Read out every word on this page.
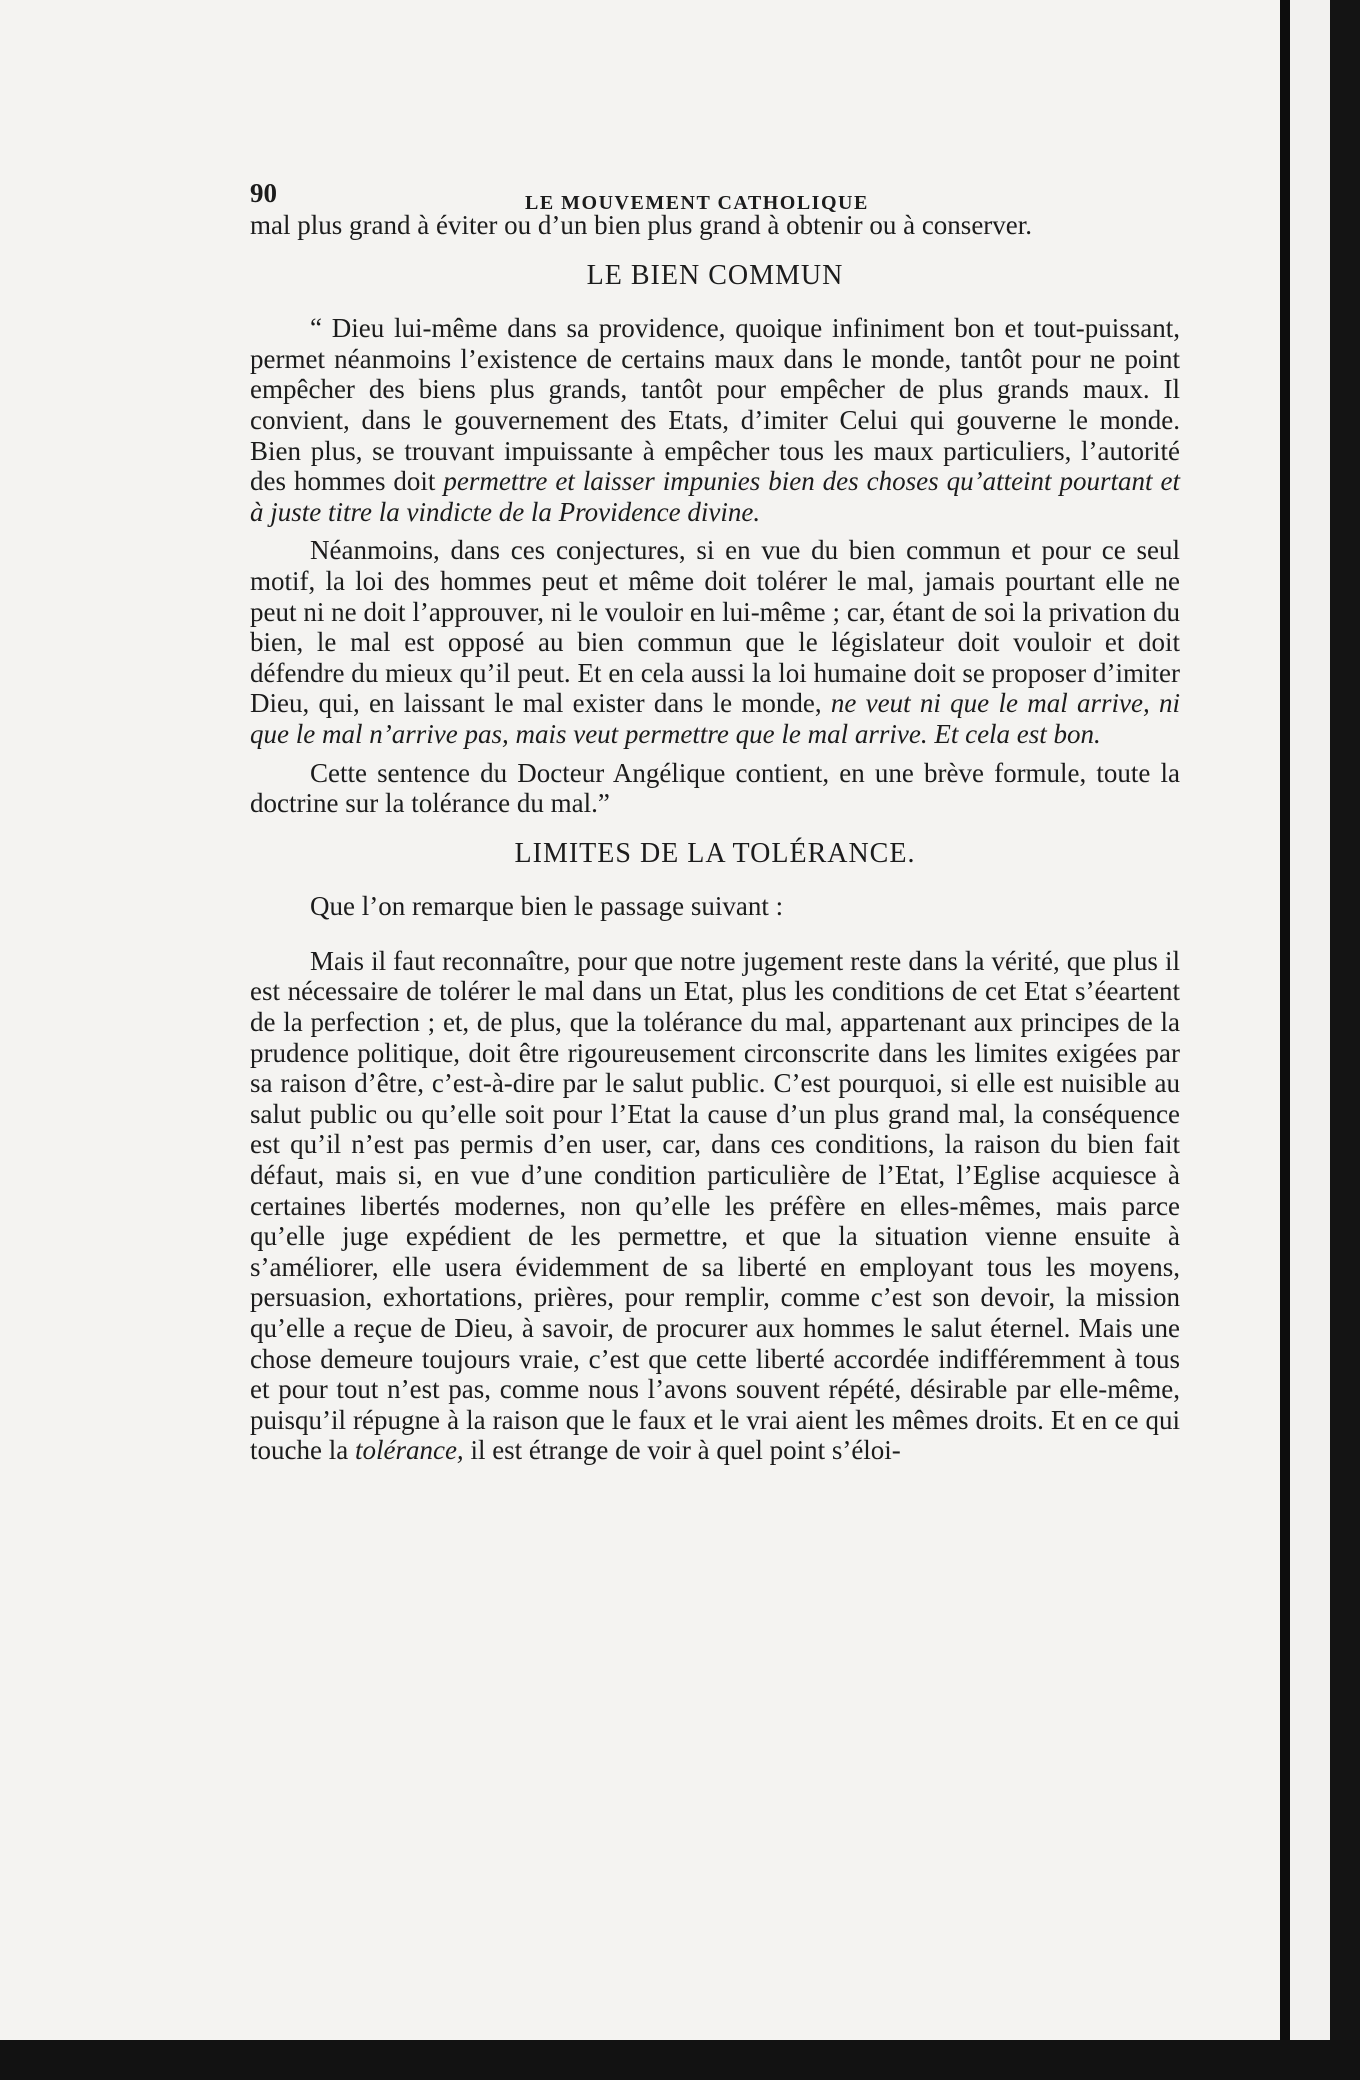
90	LE MOUVEMENT CATHOLIQUE

mal plus grand à éviter ou d’un bien plus grand à obtenir ou à conserver.

LE BIEN COMMUN

“ Dieu lui-même dans sa providence, quoique infiniment bon et tout-puissant, permet néanmoins l’existence de certains maux dans le monde, tantôt pour ne point empêcher des biens plus grands, tantôt pour empêcher de plus grands maux. Il convient, dans le gouvernement des Etats, d’imiter Celui qui gouverne le monde. Bien plus, se trouvant impuissante à empêcher tous les maux particuliers, l’autorité des hommes doit permettre et laisser impunies bien des choses qu’atteint pourtant et à juste titre la vindicte de la Providence divine.

Néanmoins, dans ces conjectures, si en vue du bien commun et pour ce seul motif, la loi des hommes peut et même doit tolérer le mal, jamais pourtant elle ne peut ni ne doit l’approuver, ni le vouloir en lui-même ; car, étant de soi la privation du bien, le mal est opposé au bien commun que le législateur doit vouloir et doit défendre du mieux qu’il peut. Et en cela aussi la loi humaine doit se proposer d’imiter Dieu, qui, en laissant le mal exister dans le monde, ne veut ni que le mal arrive, ni que le mal n’arrive pas, mais veut permettre que le mal arrive. Et cela est bon.

Cette sentence du Docteur Angélique contient, en une brève formule, toute la doctrine sur la tolérance du mal.”

LIMITES DE LA TOLÉRANCE.

Que l’on remarque bien le passage suivant :

Mais il faut reconnaître, pour que notre jugement reste dans la vérité, que plus il est nécessaire de tolérer le mal dans un Etat, plus les conditions de cet Etat s’éeartent de la perfection ; et, de plus, que la tolérance du mal, appartenant aux principes de la prudence politique, doit être rigoureusement circonscrite dans les limites exigées par sa raison d’être, c’est-à-dire par le salut public. C’est pourquoi, si elle est nuisible au salut public ou qu’elle soit pour l’Etat la cause d’un plus grand mal, la conséquence est qu’il n’est pas permis d’en user, car, dans ces conditions, la raison du bien fait défaut, mais si, en vue d’une condition particulière de l’Etat, l’Eglise acquiesce à certaines libertés modernes, non qu’elle les préfère en elles-mêmes, mais parce qu’elle juge expédient de les permettre, et que la situation vienne ensuite à s’améliorer, elle usera évidemment de sa liberté en employant tous les moyens, persuasion, exhortations, prières, pour remplir, comme c’est son devoir, la mission qu’elle a reçue de Dieu, à savoir, de procurer aux hommes le salut éternel. Mais une chose demeure toujours vraie, c’est que cette liberté accordée indifféremment à tous et pour tout n’est pas, comme nous l’avons souvent répété, désirable par elle-même, puisqu’il répugne à la raison que le faux et le vrai aient les mêmes droits. Et en ce qui touche la tolérance, il est étrange de voir à quel point s’éloi-
